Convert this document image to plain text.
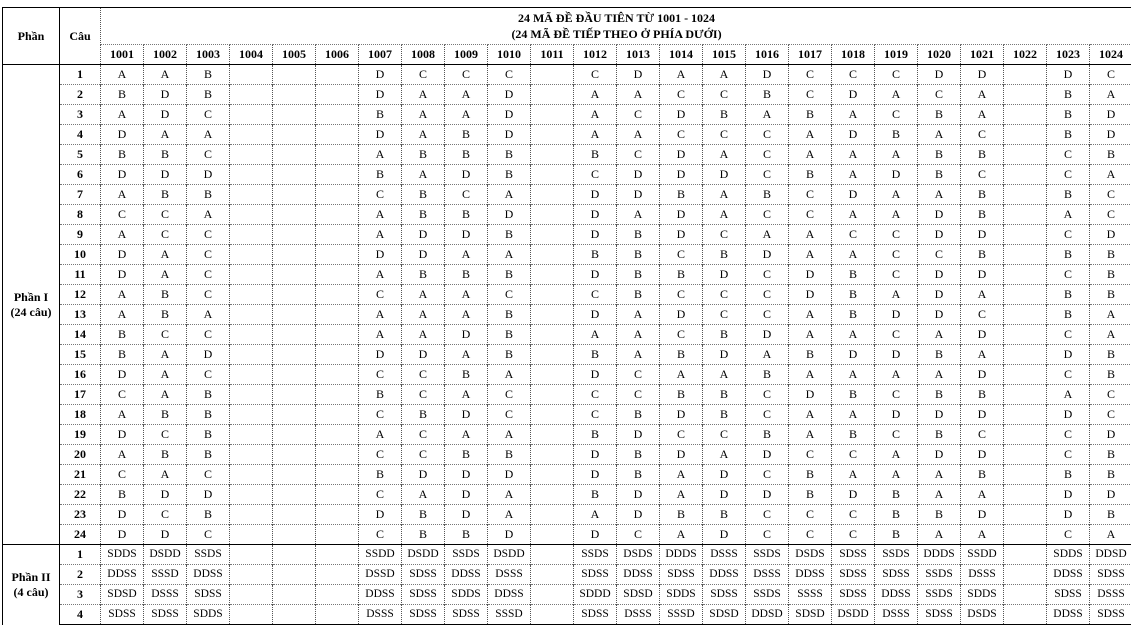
Phần	Câu	24 MÃ ĐỀ ĐẦU TIÊN TỪ 1001 - 1024
(24 MÃ ĐỀ TIẾP THEO Ở PHÍA DƯỚI)																							

		1001	1002	1003	1004	1005	1006	1007	1008	1009	1010	1011	1012	1013	1014	1015	1016	1017	1018	1019	1020	1021	1022	1023	1024

Phần I
(24 câu)	1	A	A	B				D	C	C	C		C	D	A	A	D	C	C	C	D	D		D	C
	2	B	D	B				D	A	A	D		A	A	C	C	B	C	D	A	C	A		B	A
	3	A	D	C				B	A	A	D		A	C	D	B	A	B	A	C	B	A		B	D
	4	D	A	A				D	A	B	D		A	A	C	C	C	A	D	B	A	C		B	D
	5	B	B	C				A	B	B	B		B	C	D	A	C	A	A	A	B	B		C	B
	6	D	D	D				B	A	D	B		C	D	D	D	C	B	A	D	B	C		C	A
	7	A	B	B				C	B	C	A		D	D	B	A	B	C	D	A	A	B		B	C
	8	C	C	A				A	B	B	D		D	A	D	A	C	C	A	A	D	B		A	C
	9	A	C	C				A	D	D	B		D	B	D	C	A	A	C	C	D	D		C	D
	10	D	A	C				D	D	A	A		B	B	C	B	D	A	A	C	C	B		B	B
	11	D	A	C				A	B	B	B		D	B	B	D	C	D	B	C	D	D		C	B
	12	A	B	C				C	A	A	C		C	B	C	C	C	D	B	A	D	A		B	B
	13	A	B	A				A	A	A	B		D	A	D	C	C	A	B	D	D	C		B	A
	14	B	C	C				A	A	D	B		A	A	C	B	D	A	A	C	A	D		C	A
	15	B	A	D				D	D	A	B		B	A	B	D	A	B	D	D	B	A		D	B
	16	D	A	C				C	C	B	A		D	C	A	A	B	A	A	A	A	D		C	B
	17	C	A	B				B	C	A	C		C	C	B	B	C	D	B	C	B	B		A	C
	18	A	B	B				C	B	D	C		C	B	D	B	C	A	A	D	D	D		D	C
	19	D	C	B				A	C	A	A		B	D	C	C	B	A	B	C	B	C		C	D
	20	A	B	B				C	C	B	B		D	B	D	A	D	C	C	A	D	D		C	B
	21	C	A	C				B	D	D	D		D	B	A	D	C	B	A	A	A	B		B	B
	22	B	D	D				C	A	D	A		B	D	A	D	D	B	D	B	A	A		D	D
	23	D	C	B				D	B	D	A		A	D	B	B	C	C	C	B	B	D		D	B
	24	D	D	C				C	B	B	D		D	C	A	D	C	C	C	B	A	A		C	A

Phần II
(4 câu)	1	SDDS	DSDD	SSDS				SSDD	DSDD	SSDS	DSDD		SSDS	DSDS	DDDS	DSSS	SSDS	DSDS	SDSS	SSDS	DDDS	SSDD		SDDS	DDSD
	2	DDSS	SSSD	DDSS				DSSD	SDSS	DDSS	DSSS		SDSS	DDSS	SDSS	DDSS	DSSS	DDSS	SDSS	SDSS	SSDS	DSSS		DDSS	SDSS
	3	SDSD	DSSS	SDSS				DDSS	SDSS	SDDS	DDSS		SDDD	SDSD	SDDS	SDSS	SSDS	SSSS	SDSS	DDSS	SSDS	SDDS		SDSS	DSSS
	4	SDSS	SDSS	SDDS				DSSS	SDSS	SDSS	SSSD		SDSS	DSSS	SSSD	SDSD	DDSD	SDSD	DSDD	DSSS	SDSS	DSDS		DDSS	SDSS
